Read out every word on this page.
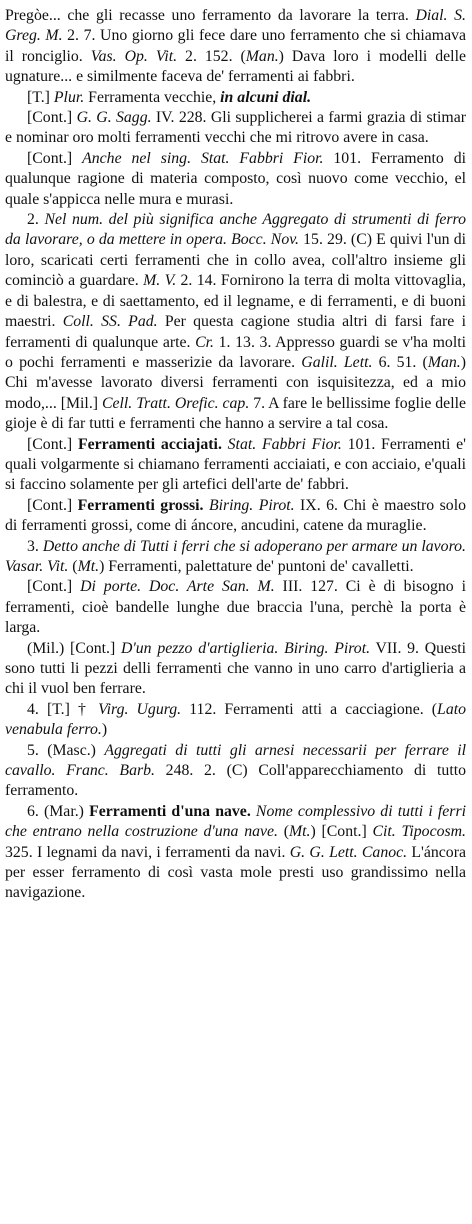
Pregòe... che gli recasse uno ferramento da lavorare la terra. Dial. S. Greg. M. 2. 7. Uno giorno gli fece dare uno ferramento che si chiamava il ronciglio. Vas. Op. Vit. 2. 152. (Man.) Dava loro i modelli delle ugnature... e similmente faceva de' ferramenti ai fabbri.

[T.] Plur. Ferramenta vecchie, in alcuni dial.

[Cont.] G. G. Sagg. IV. 228. Gli supplicherei a farmi grazia di stimar e nominar oro molti ferramenti vecchi che mi ritrovo avere in casa.

[Cont.] Anche nel sing. Stat. Fabbri Fior. 101. Ferramento di qualunque ragione di materia composto, così nuovo come vecchio, el quale s'appicca nelle mura e murasi.

2. Nel num. del più significa anche Aggregato di strumenti di ferro da lavorare, o da mettere in opera. Bocc. Nov. 15. 29. (C) E quivi l'un di loro, scaricati certi ferramenti che in collo avea, coll'altro insieme gli cominciò a guardare. M. V. 2. 14. Fornirono la terra di molta vittovaglia, e di balestra, e di saettamento, ed il legname, e di ferramenti, e di buoni maestri. Coll. SS. Pad. Per questa cagione studia altri di farsi fare i ferramenti di qualunque arte. Cr. 1. 13. 3. Appresso guardi se v'ha molti o pochi ferramenti e masserizie da lavorare. Galil. Lett. 6. 51. (Man.) Chi m'avesse lavorato diversi ferramenti con isquisitezza, ed a mio modo,... [Mil.] Cell. Tratt. Orefic. cap. 7. A fare le bellissime foglie delle gioje è di far tutti e ferramenti che hanno a servire a tal cosa.

[Cont.] Ferramenti acciajati. Stat. Fabbri Fior. 101. Ferramenti e' quali volgarmente si chiamano ferramenti acciaiati, e con acciaio, e'quali si faccino solamente per gli artefici dell'arte de' fabbri.

[Cont.] Ferramenti grossi. Biring. Pirot. IX. 6. Chi è maestro solo di ferramenti grossi, come di áncore, ancudini, catene da muraglie.

3. Detto anche di Tutti i ferri che si adoperano per armare un lavoro. Vasar. Vit. (Mt.) Ferramenti, palettature de' puntoni de' cavalletti.

[Cont.] Di porte. Doc. Arte San. M. III. 127. Ci è di bisogno i ferramenti, cioè bandelle lunghe due braccia l'una, perchè la porta è larga.

(Mil.) [Cont.] D'un pezzo d'artiglieria. Biring. Pirot. VII. 9. Questi sono tutti li pezzi delli ferramenti che vanno in uno carro d'artiglieria a chi il vuol ben ferrare.

4. [T.] † Virg. Ugurg. 112. Ferramenti atti a cacciagione. (Lato venabula ferro.)

5. (Masc.) Aggregati di tutti gli arnesi necessarii per ferrare il cavallo. Franc. Barb. 248. 2. (C) Coll'apparecchiamento di tutto ferramento.

6. (Mar.) Ferramenti d'una nave. Nome complessivo di tutti i ferri che entrano nella costruzione d'una nave. (Mt.) [Cont.] Cit. Tipocosm. 325. I legnami da navi, i ferramenti da navi. G. G. Lett. Canoc. L'áncora per esser ferramento di così vasta mole presti uso grandissimo nella navigazione.
